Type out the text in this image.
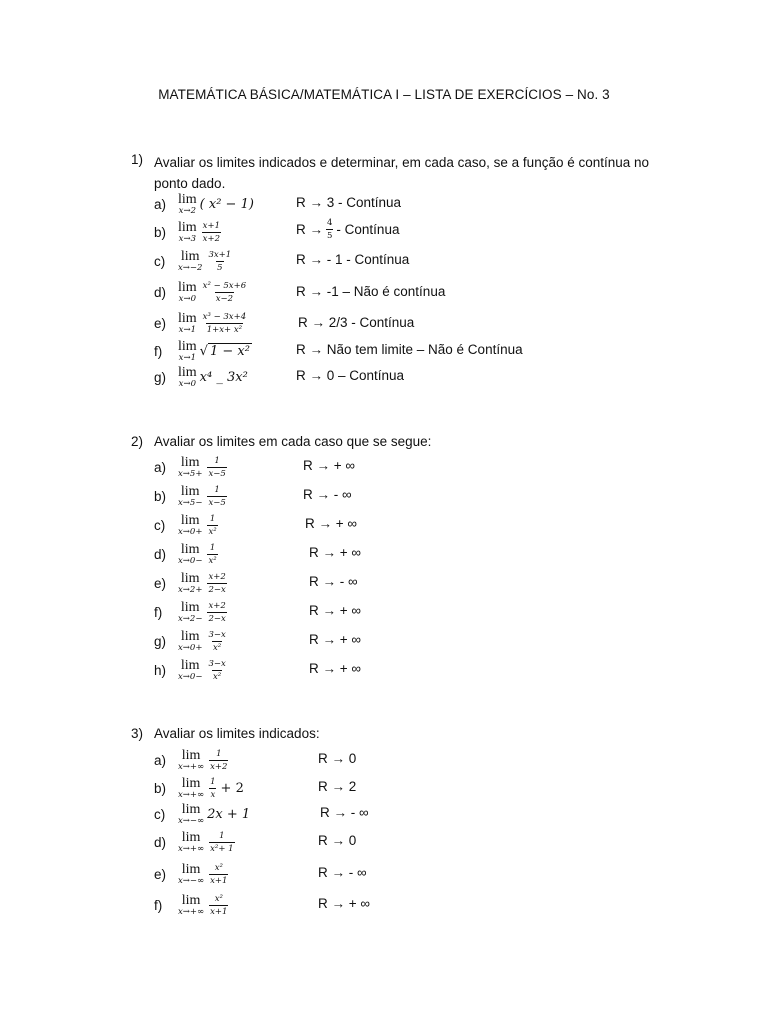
MATEMÁTICA BÁSICA/MATEMÁTICA I – LISTA DE EXERCÍCIOS – No. 3
1) Avaliar os limites indicados e determinar, em cada caso, se a função é contínua no ponto dado.
a) lim
x→2 ( x² − 1)	R → 3 - Contínua
b) lim
$x\to 3 \frac{x+1}{x+2}$	$R \to \frac{4}{5}$ - Contínua
c)	lim
$x\to-2 \frac{3x+1}{5}$	R → - 1 - Contínua
d) lim
$x\to 0 \frac{\text{x² − 5x+6}}{x-2}$	R → -1 – Não é contínua
e) lim
$x\to 1 \frac{\text{x³ − 3x+4}}{\text{1+x+ x²}}$	R → 2/3 - Contínua
f)	lim
x→1 √ 1 − x²	R → Não tem limite – Não é Contínua
g) lim
x→0 x⁴ _ 3x²	R → 0 – Contínua
2) Avaliar os limites em cada caso que se segue:
a)	lim
$x\to 5+ \frac{1}{x-5}$	R → + ∞
b)	lim
$x\to 5- \frac{1}{x-5}$	R → - ∞
c)	lim
$x\to 0+ \frac{1}{\text{x²}}$	R → + ∞
d)	lim
$x\to 0- \frac{1}{\text{x²}}$	R → + ∞
e)	lim
$x\to 2+ \frac{x+2}{2-x}$	R → - ∞
f)	lim
$x\to 2- \frac{x+2}{2-x}$	R → + ∞
g)	lim
$x\to 0+ \frac{3-x}{\text{x²}}$	R → + ∞
h)	lim
$x\to 0- \frac{3-x}{\text{x²}}$	R → + ∞
3) Avaliar os limites indicados:
a)	lim
$x\to+\infty \frac{1}{x+2}$	R → 0
b)	lim
$x\to+\infty \frac{1}{x} + 2$	R → 2
c)	lim
x→−∞ 2x + 1	R → - ∞
d)	lim
$x\to+\infty \frac{1}{\text{x²+ 1}}$	R → 0
e)	lim
$x\to-\infty \frac{\text{x²}}{x+1}$	R → - ∞
f)	lim
$x\to+\infty \frac{\text{x²}}{x+1}$	R → + ∞
